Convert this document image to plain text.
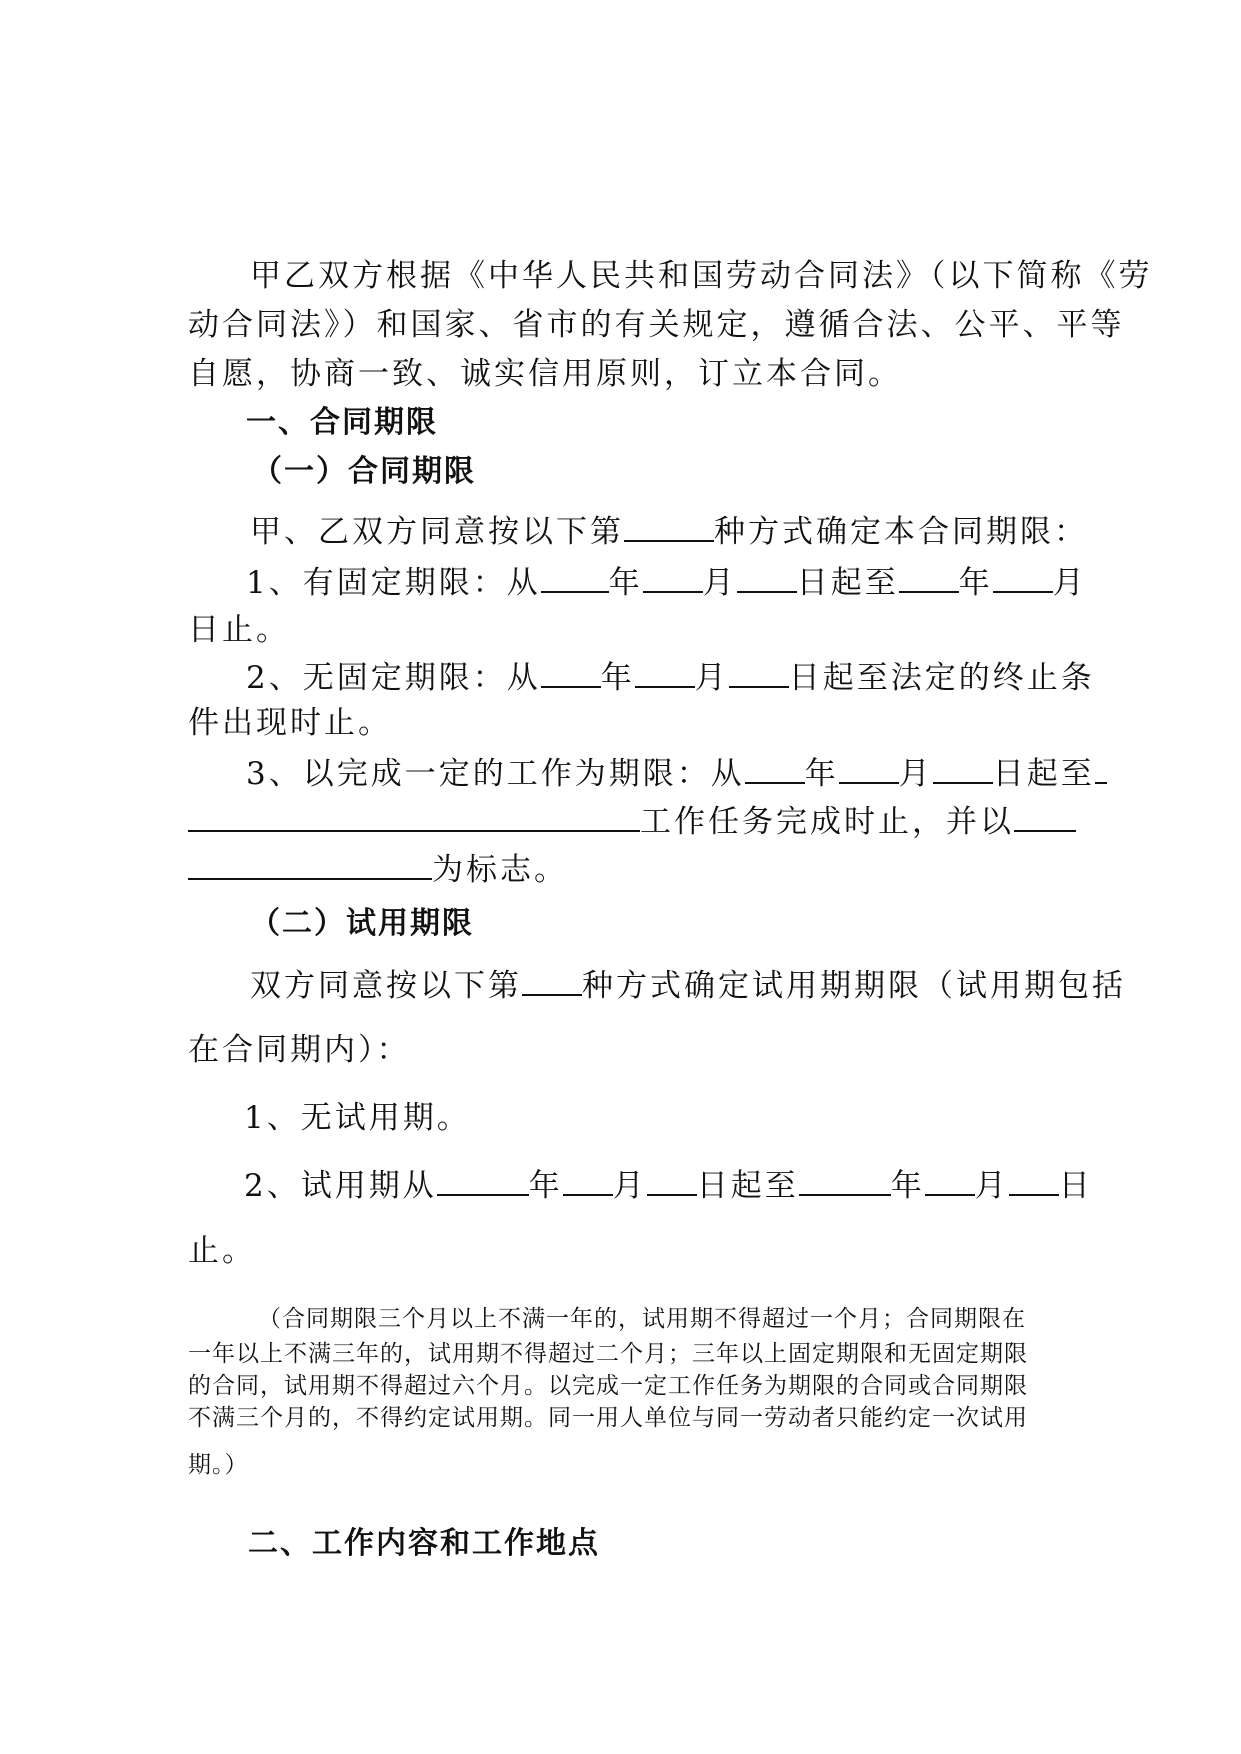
甲乙双方根据《中华人民共和国劳动合同法》（以下简称《劳
动合同法》）和国家、省市的有关规定，遵循合法、公平、平等
自愿，协商一致、诚实信用原则，订立本合同。
一、合同期限
（一）合同期限
甲、乙双方同意按以下第	种方式确定本合同期限：
1、有固定期限：从 年 月 日起至 年 月
日止。
2、无固定期限：从 年 月 日起至法定的终止条
件出现时止。
3、以完成一定的工作为期限：从 年 月 日起至
工作任务完成时止，并以
为标志。
（二）试用期限
双方同意按以下第 种方式确定试用期期限（试用期包括
在合同期内）：
1、无试用期。
2、试用期从	年 月 日起至	年 月 日
止。
（合同期限三个月以上不满一年的，试用期不得超过一个月；合同期限在
一年以上不满三年的，试用期不得超过二个月；三年以上固定期限和无固定期限
的合同，试用期不得超过六个月。以完成一定工作任务为期限的合同或合同期限
不满三个月的，不得约定试用期。同一用人单位与同一劳动者只能约定一次试用
期。）
二、工作内容和工作地点
